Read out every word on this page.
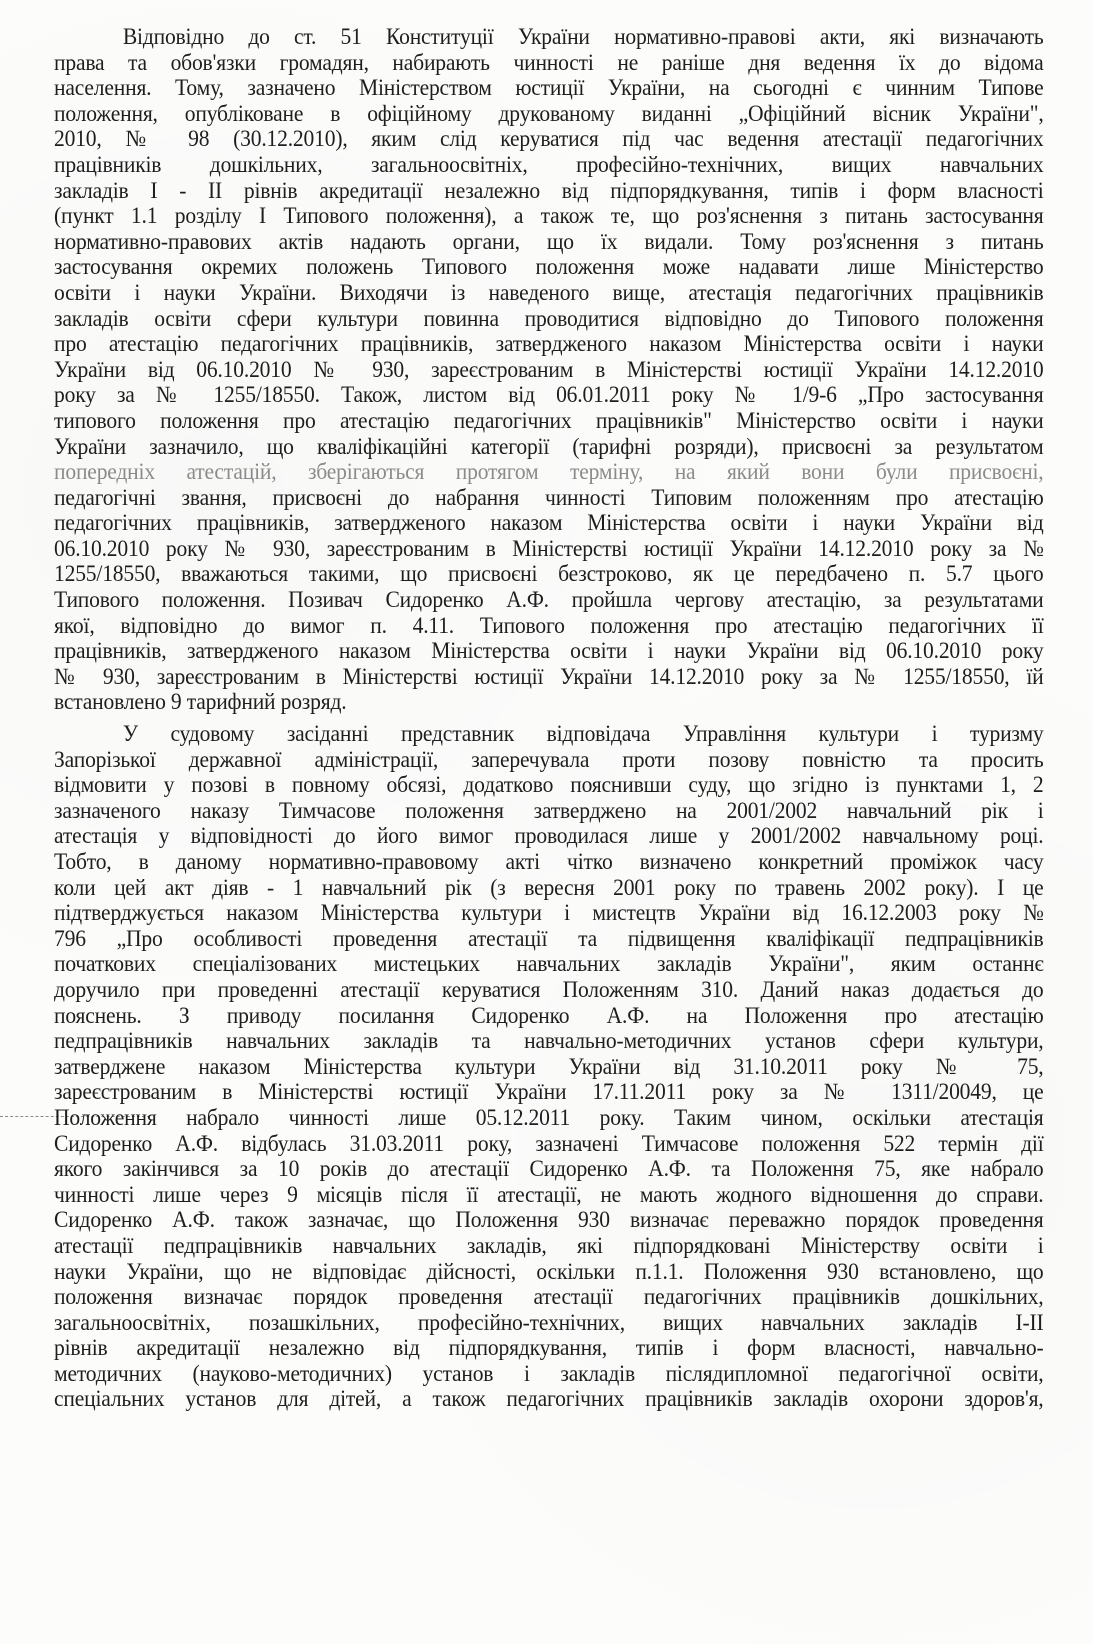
Відповідно до ст. 51 Конституції України нормативно-правові акти, які визначають
права та обов'язки громадян, набирають чинності не раніше дня ведення їх до відома
населення. Тому, зазначено Міністерством юстиції України, на сьогодні є чинним Типове
положення, опубліковане в офіційному друкованому виданні „Офіційний вісник України",
2010, № 98 (30.12.2010), яким слід керуватися під час ведення атестації педагогічних
працівників дошкільних, загальноосвітніх, професійно-технічних, вищих навчальних
закладів І - ІІ рівнів акредитації незалежно від підпорядкування, типів і форм власності
(пункт 1.1 розділу І Типового положення), а також те, що роз'яснення з питань застосування
нормативно-правових актів надають органи, що їх видали. Тому роз'яснення з питань
застосування окремих положень Типового положення може надавати лише Міністерство
освіти і науки України. Виходячи із наведеного вище, атестація педагогічних працівників
закладів освіти сфери культури повинна проводитися відповідно до Типового положення
про атестацію педагогічних працівників, затвердженого наказом Міністерства освіти і науки
України від 06.10.2010 № 930, зареєстрованим в Міністерстві юстиції України 14.12.2010
року за № 1255/18550. Також, листом від 06.01.2011 року № 1/9-6 „Про застосування
типового положення про атестацію педагогічних працівників" Міністерство освіти і науки
України зазначило, що кваліфікаційні категорії (тарифні розряди), присвоєні за результатом
попередніх атестацій, зберігаються протягом терміну, на який вони були присвоєні,
педагогічні звання, присвоєні до набрання чинності Типовим положенням про атестацію
педагогічних працівників, затвердженого наказом Міністерства освіти і науки України від
06.10.2010 року № 930, зареєстрованим в Міністерстві юстиції України 14.12.2010 року за №
1255/18550, вважаються такими, що присвоєні безстроково, як це передбачено п. 5.7 цього
Типового положення. Позивач Сидоренко А.Ф. пройшла чергову атестацію, за результатами
якої, відповідно до вимог п. 4.11. Типового положення про атестацію педагогічних її
працівників, затвердженого наказом Міністерства освіти і науки України від 06.10.2010 року
№ 930, зареєстрованим в Міністерстві юстиції України 14.12.2010 року за № 1255/18550, їй
встановлено 9 тарифний розряд.
У судовому засіданні представник відповідача Управління культури і туризму
Запорізької державної адміністрації, заперечувала проти позову повністю та просить
відмовити у позові в повному обсязі, додатково пояснивши суду, що згідно із пунктами 1, 2
зазначеного наказу Тимчасове положення затверджено на 2001/2002 навчальний рік і
атестація у відповідності до його вимог проводилася лише у 2001/2002 навчальному році.
Тобто, в даному нормативно-правовому акті чітко визначено конкретний проміжок часу
коли цей акт діяв - 1 навчальний рік (з вересня 2001 року по травень 2002 року). І це
підтверджується наказом Міністерства культури і мистецтв України від 16.12.2003 року №
796 „Про особливості проведення атестації та підвищення кваліфікації педпрацівників
початкових спеціалізованих мистецьких навчальних закладів України", яким останнє
доручило при проведенні атестації керуватися Положенням 310. Даний наказ додається до
пояснень. З приводу посилання Сидоренко А.Ф. на Положення про атестацію
педпрацівників навчальних закладів та навчально-методичних установ сфери культури,
затверджене наказом Міністерства культури України від 31.10.2011 року № 75,
зареєстрованим в Міністерстві юстиції України 17.11.2011 року за № 1311/20049, це
Положення набрало чинності лише 05.12.2011 року. Таким чином, оскільки атестація
Сидоренко А.Ф. відбулась 31.03.2011 року, зазначені Тимчасове положення 522 термін дії
якого закінчився за 10 років до атестації Сидоренко А.Ф. та Положення 75, яке набрало
чинності лише через 9 місяців після її атестації, не мають жодного відношення до справи.
Сидоренко А.Ф. також зазначає, що Положення 930 визначає переважно порядок проведення
атестації педпрацівників навчальних закладів, які підпорядковані Міністерству освіти і
науки України, що не відповідає дійсності, оскільки п.1.1. Положення 930 встановлено, що
положення визначає порядок проведення атестації педагогічних працівників дошкільних,
загальноосвітніх, позашкільних, професійно-технічних, вищих навчальних закладів І-ІІ
рівнів акредитації незалежно від підпорядкування, типів і форм власності, навчально-
методичних (науково-методичних) установ і закладів післядипломної педагогічної освіти,
спеціальних установ для дітей, а також педагогічних працівників закладів охорони здоров'я,
